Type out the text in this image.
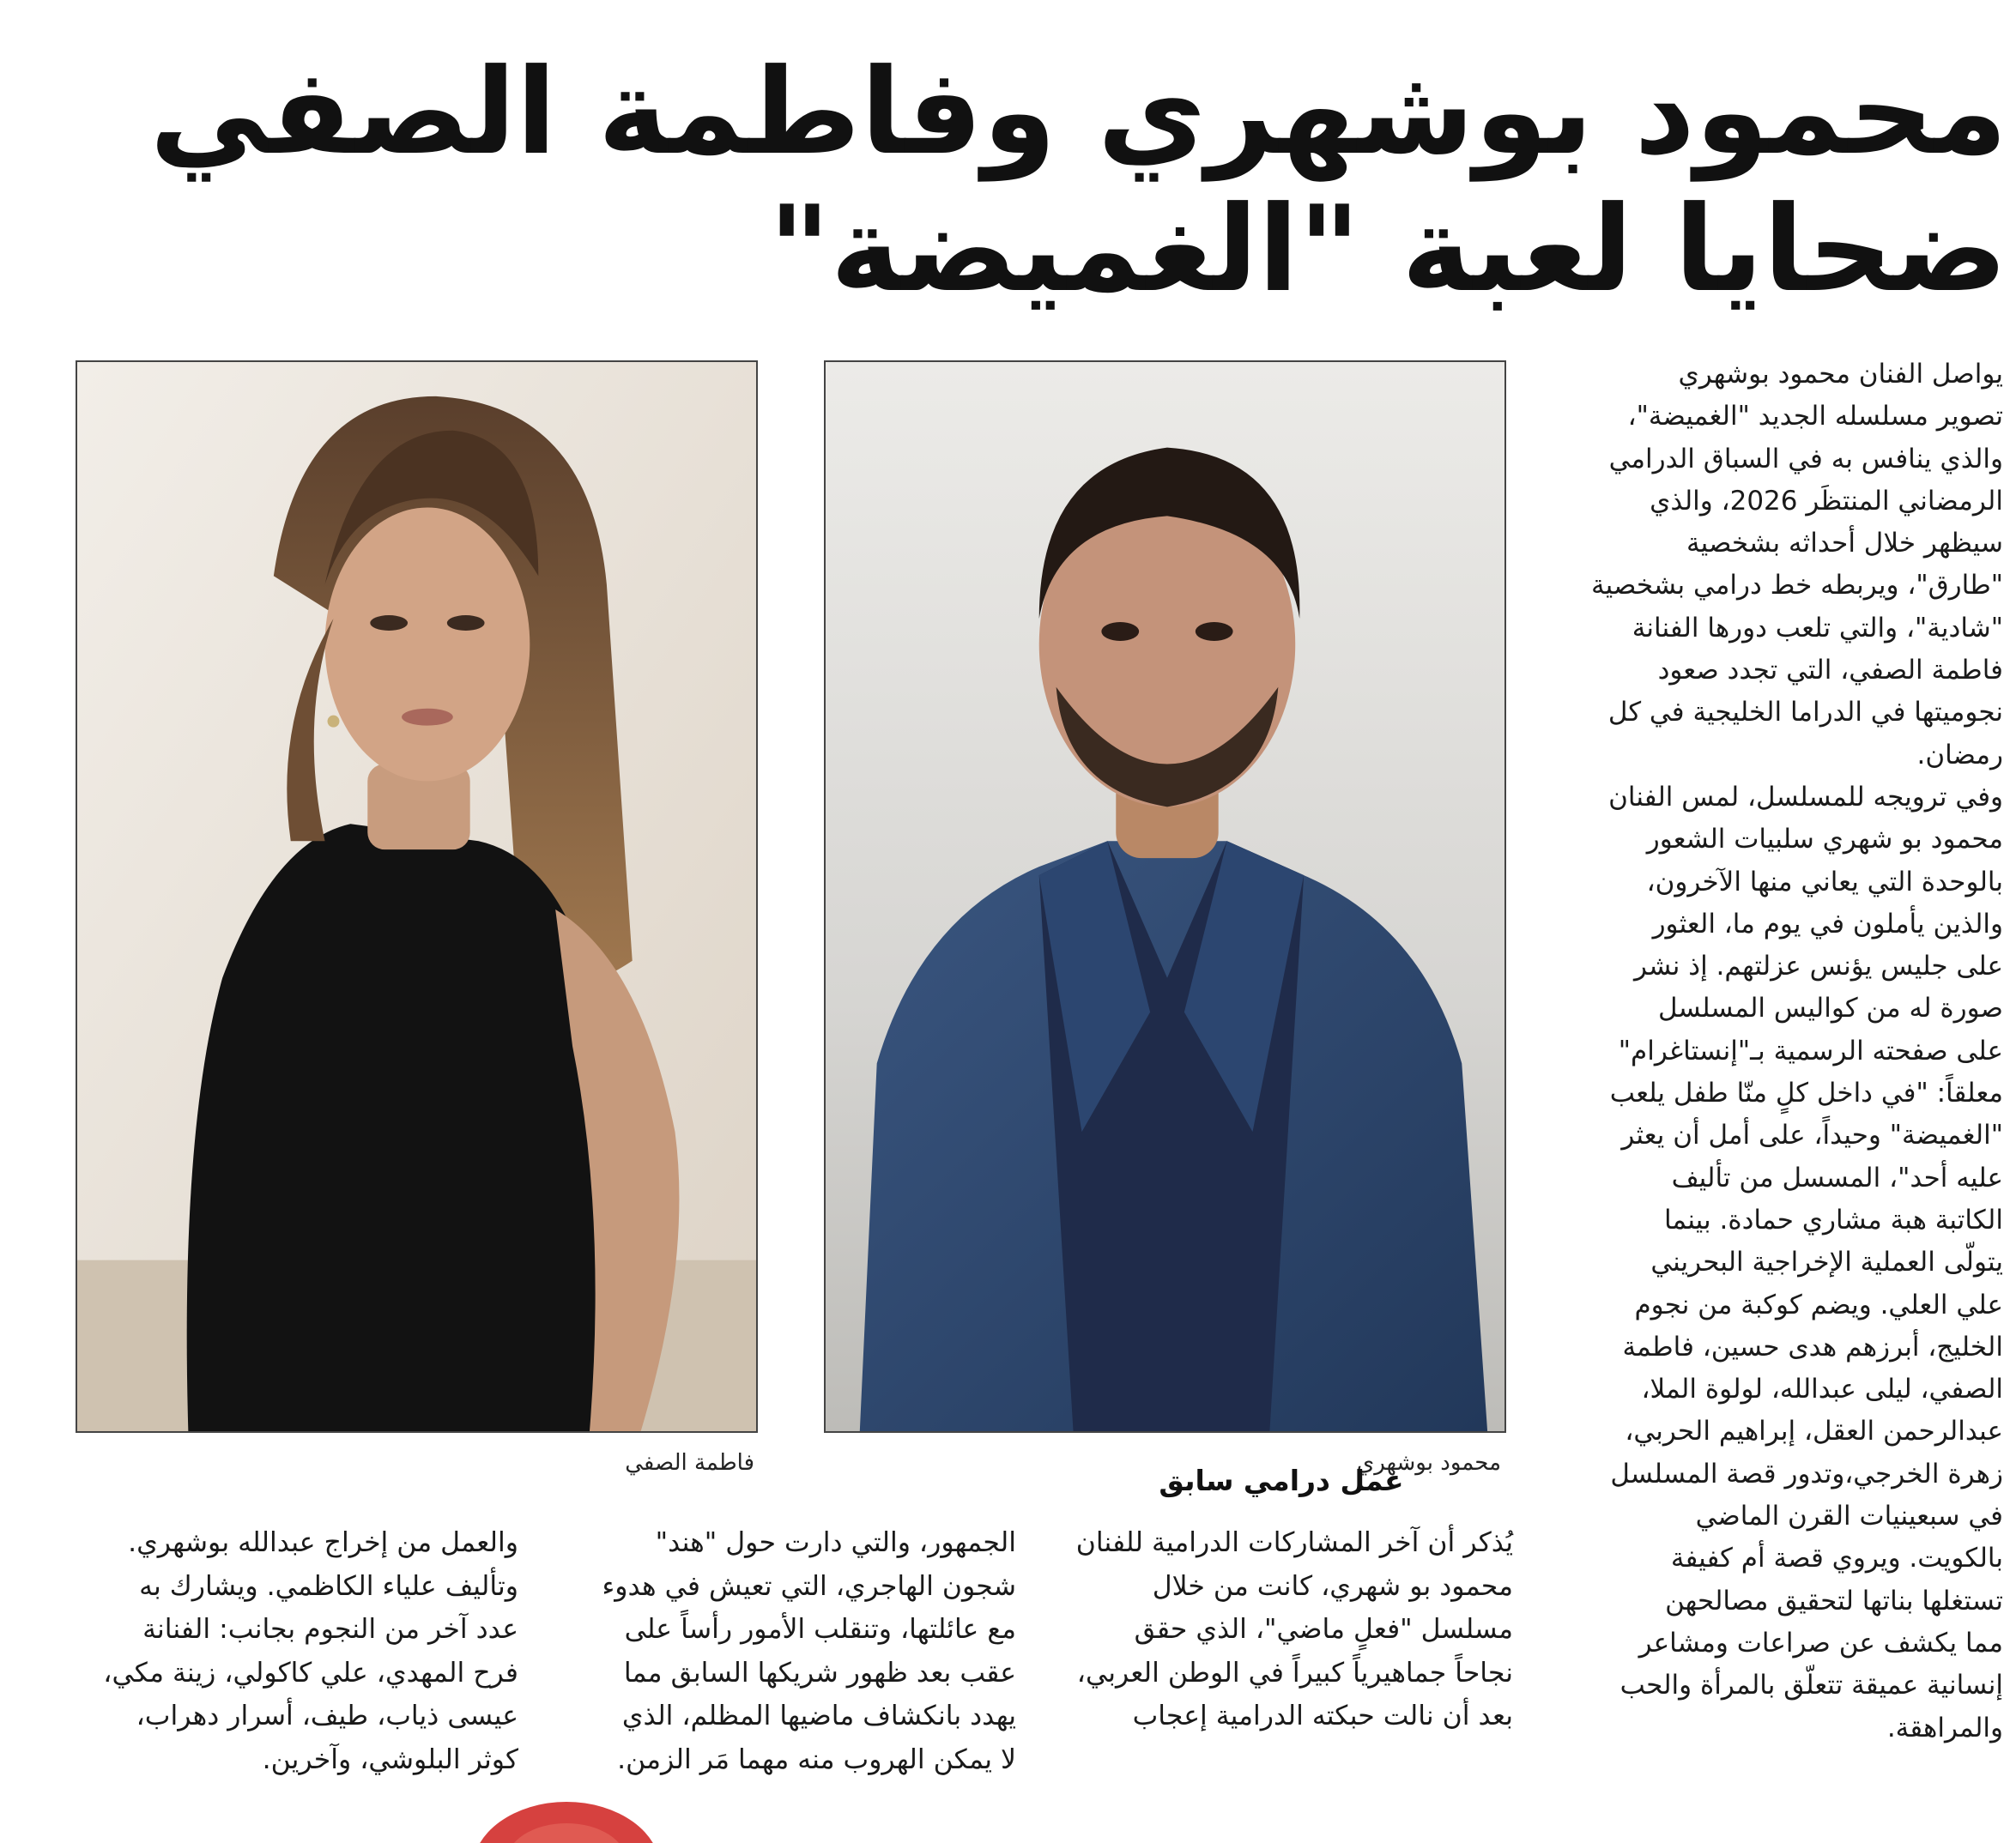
محمود بوشهري وفاطمة الصفي
ضحايا لعبة "الغميضة"

يواصل الفنان محمود بوشهري
تصوير مسلسله الجديد "الغميضة"،
والذي ينافس به في السباق الدرامي
الرمضاني المنتظَر 2026، والذي
سيظهر خلال أحداثه بشخصية
"طارق"، ويربطه خط درامي بشخصية
"شادية"، والتي تلعب دورها الفنانة
فاطمة الصفي، التي تجدد صعود
نجوميتها في الدراما الخليجية في كل
رمضان.
وفي ترويجه للمسلسل، لمس الفنان
محمود بو شهري سلبيات الشعور
بالوحدة التي يعاني منها الآخرون،
والذين يأملون في يوم ما، العثور
على جليس يؤنس عزلتهم. إذ نشر
صورة له من كواليس المسلسل
على صفحته الرسمية بـ"إنستاغرام"
معلقاً: "في داخل كلٍ منّا طفل يلعب
"الغميضة" وحيداً، على أمل أن يعثر
عليه أحد"، المسسل من تأليف
الكاتبة هبة مشاري حمادة. بينما
يتولّى العملية الإخراجية البحريني
علي العلي. ويضم كوكبة من نجوم
الخليج، أبرزهم هدى حسين، فاطمة
الصفي، ليلى عبدالله، لولوة الملا،
عبدالرحمن العقل، إبراهيم الحربي،
زهرة الخرجي،وتدور قصة المسلسل
في سبعينيات القرن الماضي
بالكويت. ويروي قصة أم كفيفة
تستغلها بناتها لتحقيق مصالحهن
مما يكشف عن صراعات ومشاعر
إنسانية عميقة تتعلّق بالمرأة والحب
والمراهقة.

محمود بوشهري

فاطمة الصفي

عمل درامي سابق

يُذكر أن آخر المشاركات الدرامية للفنان
محمود بو شهري، كانت من خلال
مسلسل "فعلٍ ماضي"، الذي حقق
نجاحاً جماهيرياً كبيراً في الوطن العربي،
بعد أن نالت حبكته الدرامية إعجاب

الجمهور، والتي دارت حول "هند"
شجون الهاجري، التي تعيش في هدوء
مع عائلتها، وتنقلب الأمور رأساً على
عقب بعد ظهور شريكها السابق مما
يهدد بانكشاف ماضيها المظلم، الذي
لا يمكن الهروب منه مهما مَر الزمن.

والعمل من إخراج عبدالله بوشهري.
وتأليف علياء الكاظمي. ويشارك به
عدد آخر من النجوم بجانب: الفنانة
فرح المهدي، علي كاكولي، زينة مكي،
عيسى ذياب، طيف، أسرار دهراب،
كوثر البلوشي، وآخرين.
